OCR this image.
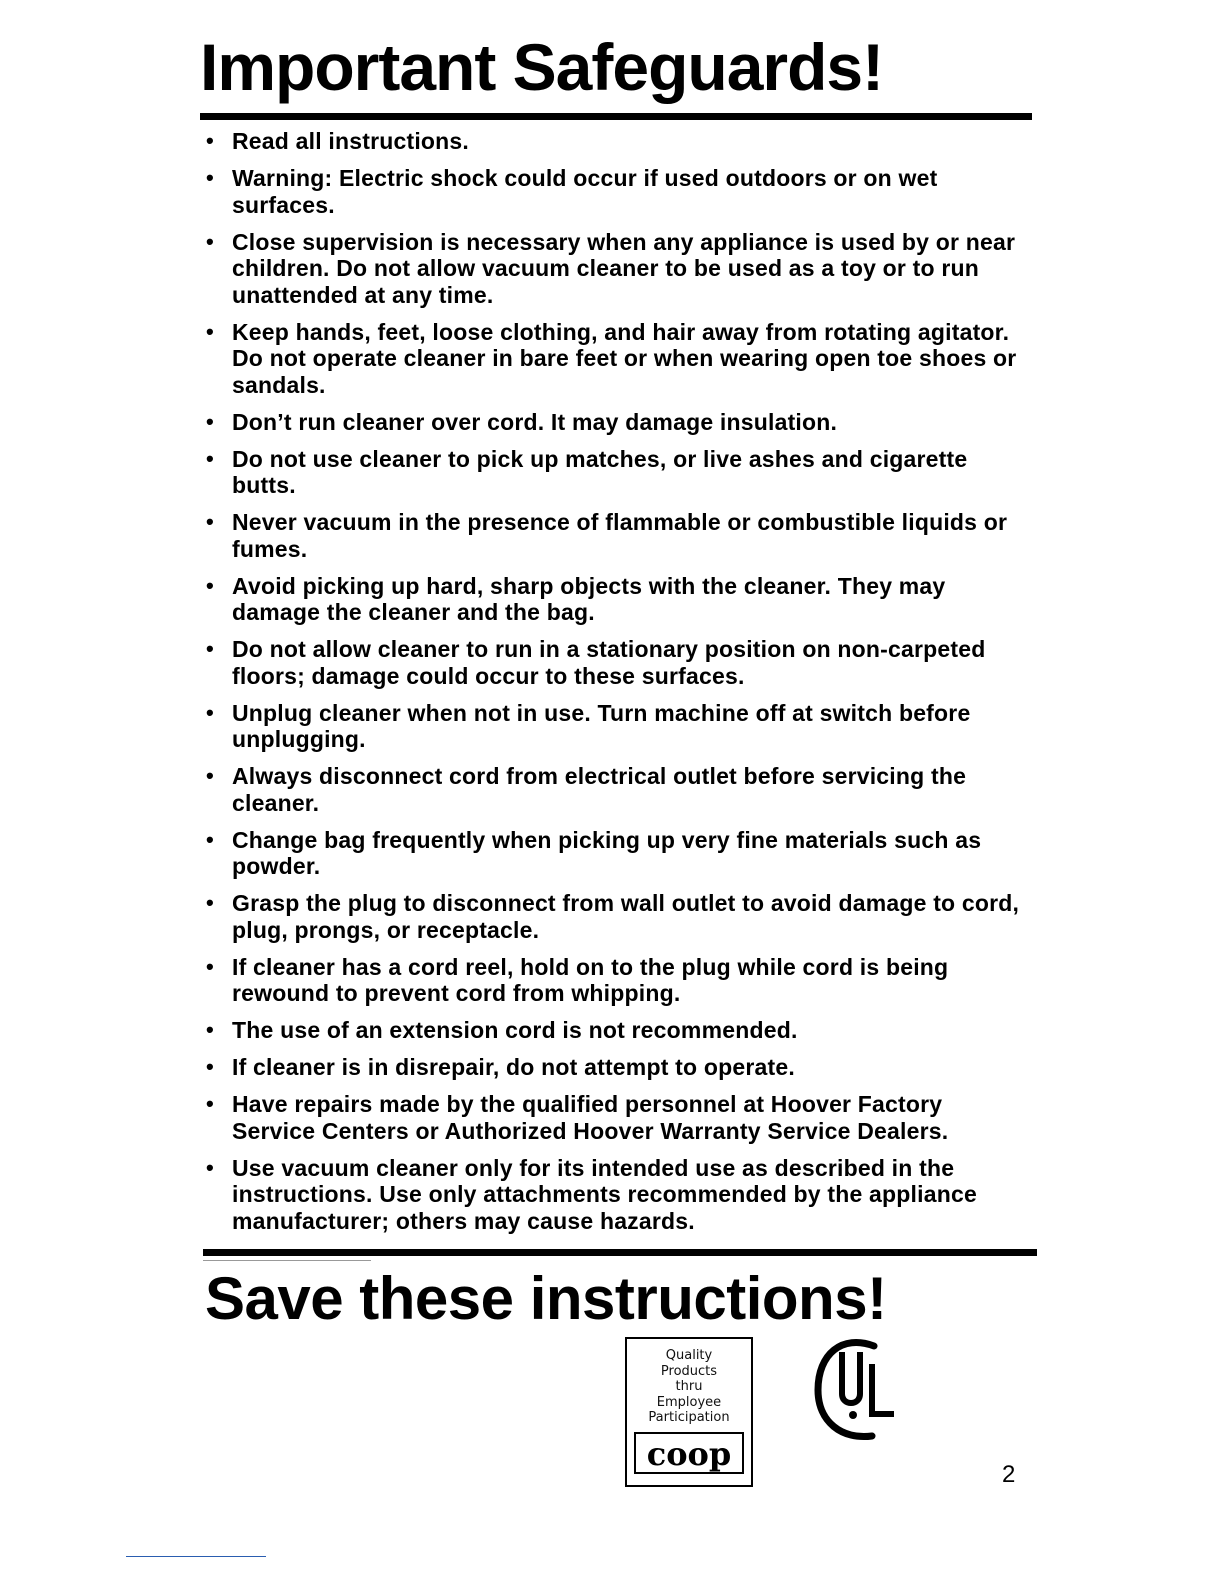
Important Safeguards!
• Read all instructions.
• Warning: Electric shock could occur if used outdoors or on wet surfaces.
• Close supervision is necessary when any appliance is used by or near children. Do not allow vacuum cleaner to be used as a toy or to run unattended at any time.
• Keep hands, feet, loose clothing, and hair away from rotating agitator. Do not operate cleaner in bare feet or when wearing open toe shoes or sandals.
• Don’t run cleaner over cord. It may damage insulation.
• Do not use cleaner to pick up matches, or live ashes and cigarette butts.
• Never vacuum in the presence of flammable or combustible liquids or fumes.
• Avoid picking up hard, sharp objects with the cleaner. They may damage the cleaner and the bag.
• Do not allow cleaner to run in a stationary position on non-carpeted floors; damage could occur to these surfaces.
• Unplug cleaner when not in use. Turn machine off at switch before unplugging.
• Always disconnect cord from electrical outlet before servicing the cleaner.
• Change bag frequently when picking up very fine materials such as powder.
• Grasp the plug to disconnect from wall outlet to avoid damage to cord, plug, prongs, or receptacle.
• If cleaner has a cord reel, hold on to the plug while cord is being rewound to prevent cord from whipping.
• The use of an extension cord is not recommended.
• If cleaner is in disrepair, do not attempt to operate.
• Have repairs made by the qualified personnel at Hoover Factory Service Centers or Authorized Hoover Warranty Service Dealers.
• Use vacuum cleaner only for its intended use as described in the instructions. Use only attachments recommended by the appliance manufacturer; others may cause hazards.
Save these instructions!
Quality
Products
thru
Employee
Participation
coop
UL
2
